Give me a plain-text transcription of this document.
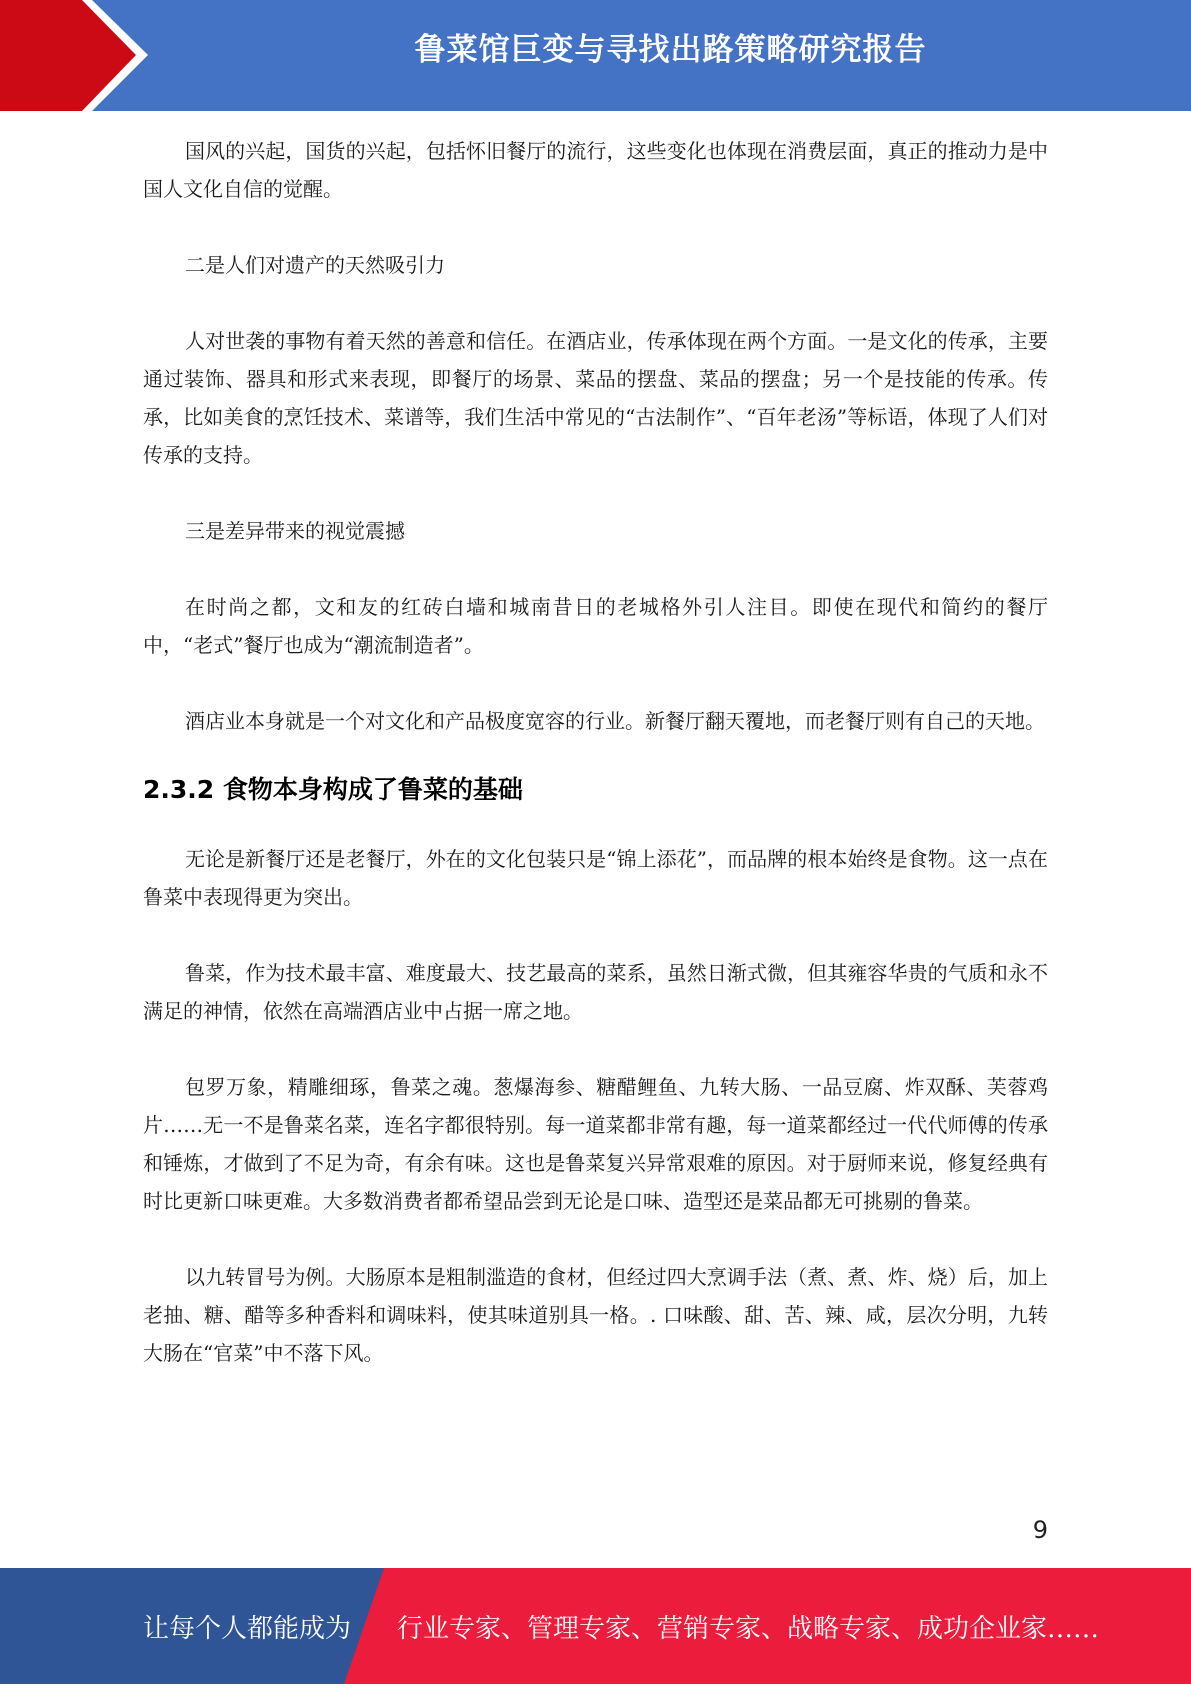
鲁菜馆巨变与寻找出路策略研究报告

国风的兴起，国货的兴起，包括怀旧餐厅的流行，这些变化也体现在消费层面，真正的推动力是中国人文化自信的觉醒。

二是人们对遗产的天然吸引力

人对世袭的事物有着天然的善意和信任。在酒店业，传承体现在两个方面。一是文化的传承，主要通过装饰、器具和形式来表现，即餐厅的场景、菜品的摆盘、菜品的摆盘；另一个是技能的传承。传承，比如美食的烹饪技术、菜谱等，我们生活中常见的“古法制作”、“百年老汤”等标语，体现了人们对传承的支持。

三是差异带来的视觉震撼

在时尚之都，文和友的红砖白墙和城南昔日的老城格外引人注目。即使在现代和简约的餐厅中，“老式”餐厅也成为“潮流制造者”。

酒店业本身就是一个对文化和产品极度宽容的行业。新餐厅翻天覆地，而老餐厅则有自己的天地。

2.3.2 食物本身构成了鲁菜的基础

无论是新餐厅还是老餐厅，外在的文化包装只是“锦上添花”，而品牌的根本始终是食物。这一点在鲁菜中表现得更为突出。

鲁菜，作为技术最丰富、难度最大、技艺最高的菜系，虽然日渐式微，但其雍容华贵的气质和永不满足的神情，依然在高端酒店业中占据一席之地。

包罗万象，精雕细琢，鲁菜之魂。葱爆海参、糖醋鲤鱼、九转大肠、一品豆腐、炸双酥、芙蓉鸡片……无一不是鲁菜名菜，连名字都很特别。每一道菜都非常有趣，每一道菜都经过一代代师傅的传承和锤炼，才做到了不足为奇，有余有味。这也是鲁菜复兴异常艰难的原因。对于厨师来说，修复经典有时比更新口味更难。大多数消费者都希望品尝到无论是口味、造型还是菜品都无可挑剔的鲁菜。

以九转冒号为例。大肠原本是粗制滥造的食材，但经过四大烹调手法（煮、煮、炸、烧）后，加上老抽、糖、醋等多种香料和调味料，使其味道别具一格。. 口味酸、甜、苦、辣、咸，层次分明，九转大肠在“官菜”中不落下风。

9
让每个人都能成为 行业专家、管理专家、营销专家、战略专家、成功企业家……
